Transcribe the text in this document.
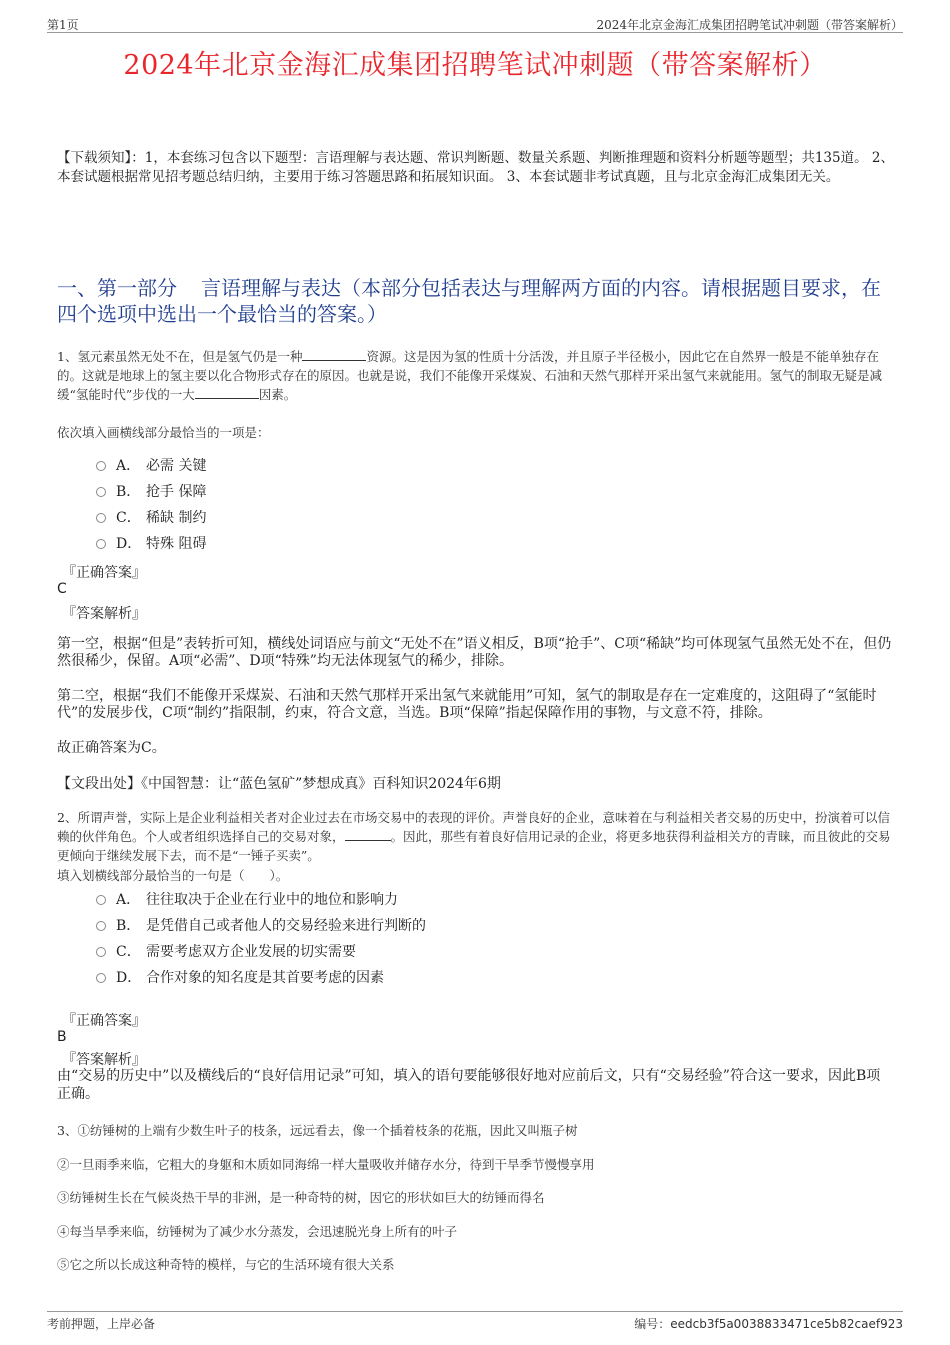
第1页	2024年北京金海汇成集团招聘笔试冲刺题（带答案解析）
2024年北京金海汇成集团招聘笔试冲刺题（带答案解析）
【下载须知】：1，本套练习包含以下题型：言语理解与表达题、常识判断题、数量关系题、判断推理题和资料分析题等题型；共135道。 2、本套试题根据常见招考题总结归纳，主要用于练习答题思路和拓展知识面。 3、本套试题非考试真题，且与北京金海汇成集团无关。
一、第一部分 言语理解与表达（本部分包括表达与理解两方面的内容。请根据题目要求，在四个选项中选出一个最恰当的答案。）
1、氢元素虽然无处不在，但是氢气仍是一种	资源。这是因为氢的性质十分活泼，并且原子半径极小，因此它在自然界一般是不能单独存在的。这就是地球上的氢主要以化合物形式存在的原因。也就是说，我们不能像开采煤炭、石油和天然气那样开采出氢气来就能用。氢气的制取无疑是减缓“氢能时代”步伐的一大	因素。
依次填入画横线部分最恰当的一项是：
A． 必需 关键
B． 抢手 保障
C． 稀缺 制约
D． 特殊 阻碍
『正确答案』
C
『答案解析』
第一空，根据“但是”表转折可知，横线处词语应与前文“无处不在”语义相反，B项“抢手”、C项“稀缺”均可体现氢气虽然无处不在，但仍然很稀少，保留。A项“必需”、D项“特殊”均无法体现氢气的稀少，排除。
第二空，根据“我们不能像开采煤炭、石油和天然气那样开采出氢气来就能用”可知，氢气的制取是存在一定难度的，这阻碍了“氢能时代”的发展步伐，C项“制约”指限制，约束，符合文意，当选。B项“保障”指起保障作用的事物，与文意不符，排除。
故正确答案为C。
【文段出处】《中国智慧：让“蓝色氢矿”梦想成真》百科知识2024年6期
2、所谓声誉，实际上是企业利益相关者对企业过去在市场交易中的表现的评价。声誉良好的企业，意味着在与利益相关者交易的历史中，扮演着可以信赖的伙伴角色。个人或者组织选择自己的交易对象，	。因此，那些有着良好信用记录的企业，将更多地获得利益相关方的青睐，而且彼此的交易更倾向于继续发展下去，而不是“一锤子买卖”。
填入划横线部分最恰当的一句是（　　）。
A． 往往取决于企业在行业中的地位和影响力
B． 是凭借自己或者他人的交易经验来进行判断的
C． 需要考虑双方企业发展的切实需要
D． 合作对象的知名度是其首要考虑的因素
『正确答案』
B
『答案解析』
由“交易的历史中”以及横线后的“良好信用记录”可知，填入的语句要能够很好地对应前后文，只有“交易经验”符合这一要求，因此B项正确。
3、①纺锤树的上端有少数生叶子的枝条，远远看去，像一个插着枝条的花瓶，因此又叫瓶子树
②一旦雨季来临，它粗大的身躯和木质如同海绵一样大量吸收并储存水分，待到干旱季节慢慢享用
③纺锤树生长在气候炎热干旱的非洲，是一种奇特的树，因它的形状如巨大的纺锤而得名
④每当旱季来临，纺锤树为了减少水分蒸发，会迅速脱光身上所有的叶子
⑤它之所以长成这种奇特的模样，与它的生活环境有很大关系
考前押题，上岸必备	编号：eedcb3f5a0038833471ce5b82caef923
